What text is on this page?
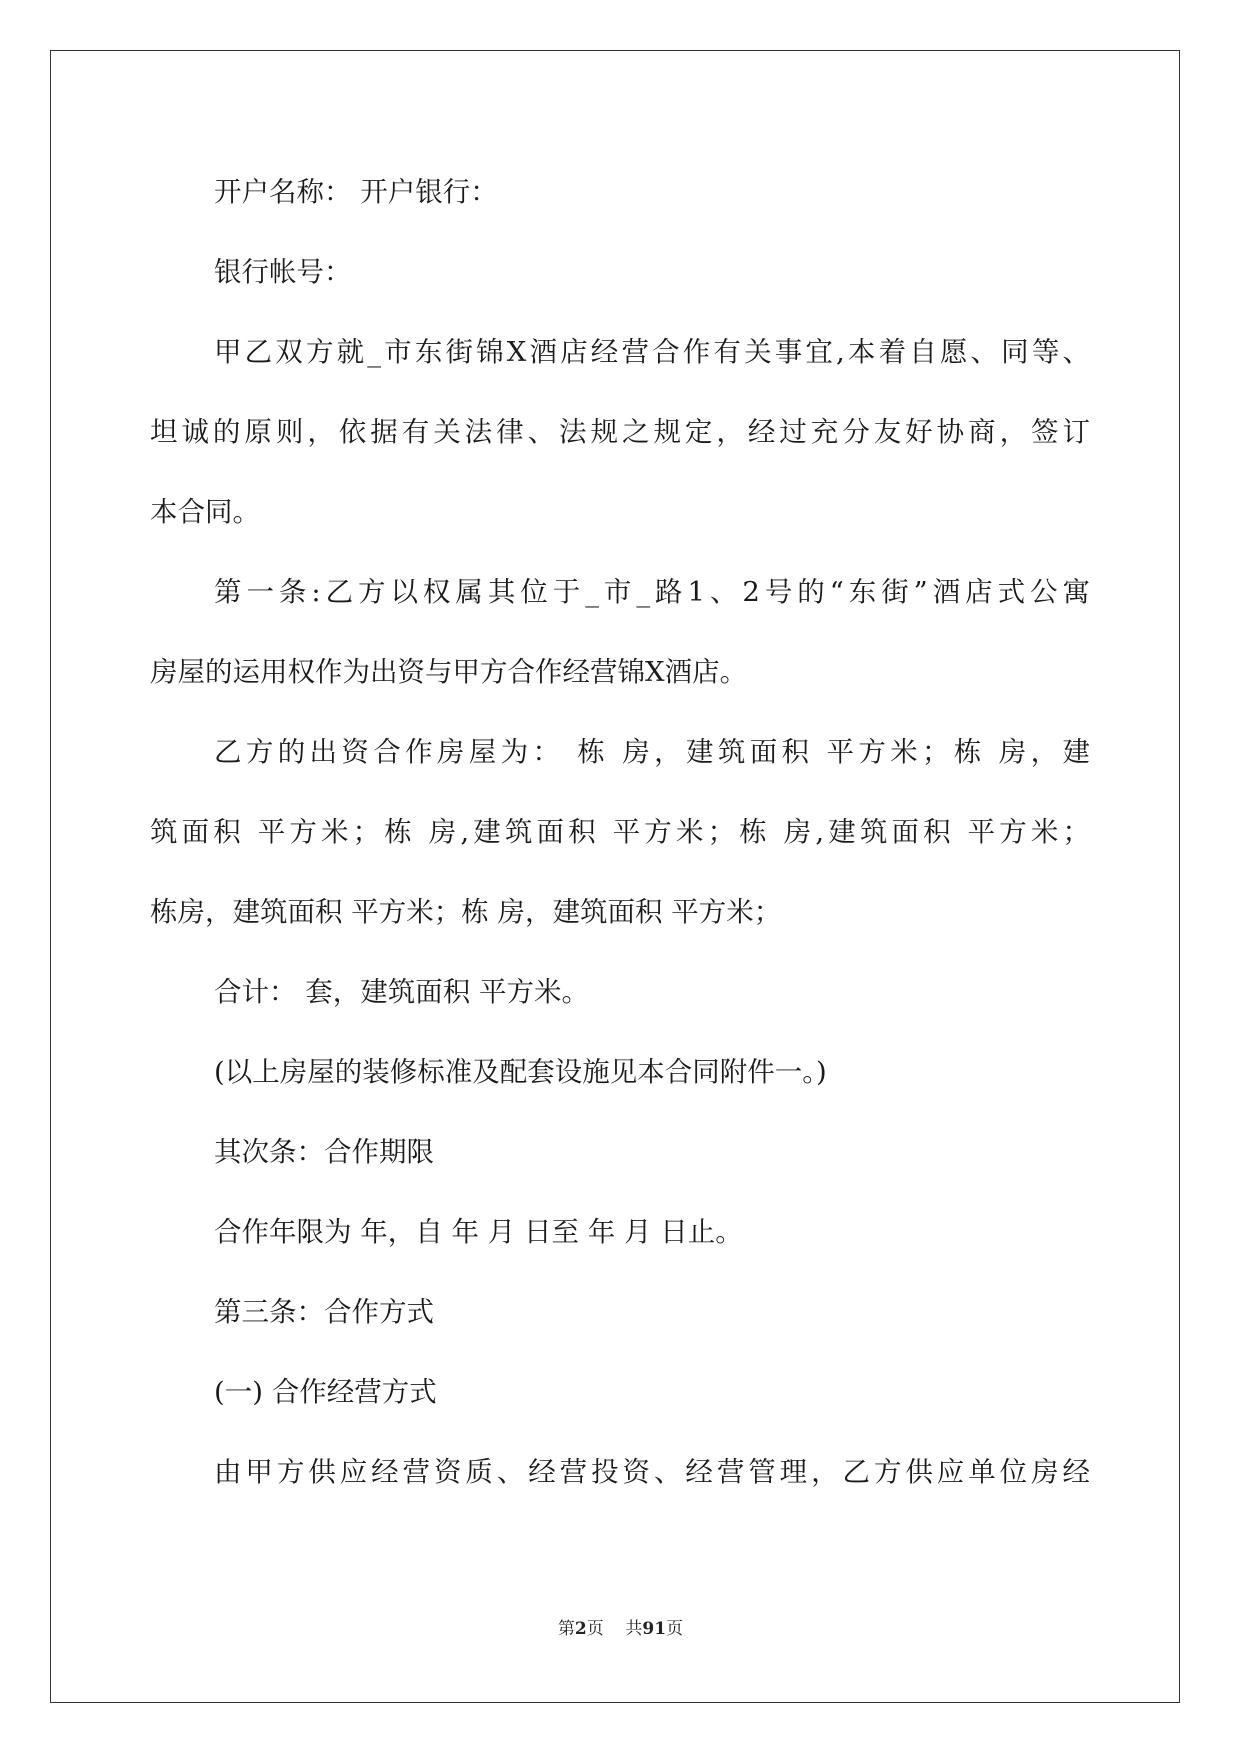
开户名称： 开户银行：
银行帐号：
甲乙双方就_市东街锦X酒店经营合作有关事宜,本着自愿、同等、
坦诚的原则，依据有关法律、法规之规定，经过充分友好协商，签订
本合同。
第一条:乙方以权属其位于_市_路1、2号的“东街”酒店式公寓
房屋的运用权作为出资与甲方合作经营锦X酒店。
乙方的出资合作房屋为： 栋 房，建筑面积 平方米；栋 房，建
筑面积 平方米；栋 房,建筑面积 平方米；栋 房,建筑面积 平方米；
栋房，建筑面积 平方米；栋 房，建筑面积 平方米；
合计： 套，建筑面积 平方米。
(以上房屋的装修标准及配套设施见本合同附件一。)
其次条：合作期限
合作年限为 年，自 年 月 日至 年 月 日止。
第三条：合作方式
(一) 合作经营方式
由甲方供应经营资质、经营投资、经营管理，乙方供应单位房经
第2页    共91页
